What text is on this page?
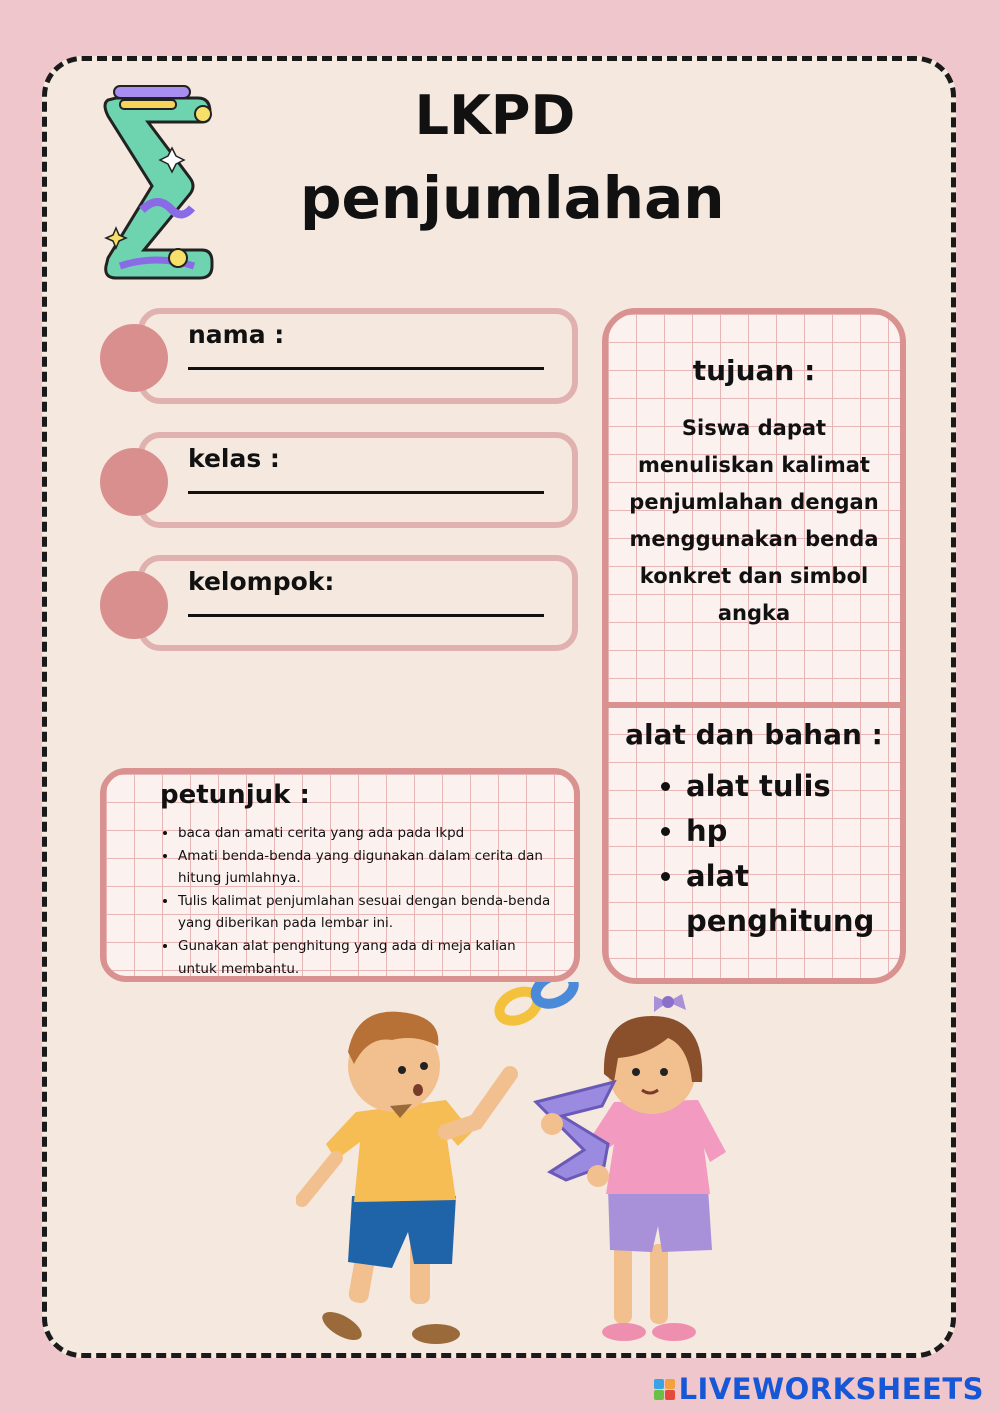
LKPD
penjumlahan
nama :
kelas :
kelompok:
petunjuk :
• baca dan amati cerita yang ada pada lkpd
• Amati benda-benda yang digunakan dalam cerita dan hitung jumlahnya.
• Tulis kalimat penjumlahan sesuai dengan benda-benda yang diberikan pada lembar ini.
• Gunakan alat penghitung yang ada di meja kalian untuk membantu.
tujuan :
Siswa dapat menuliskan kalimat penjumlahan dengan menggunakan benda konkret dan simbol angka
alat dan bahan :
• alat tulis
• hp
• alat penghitung
LIVEWORKSHEETS
